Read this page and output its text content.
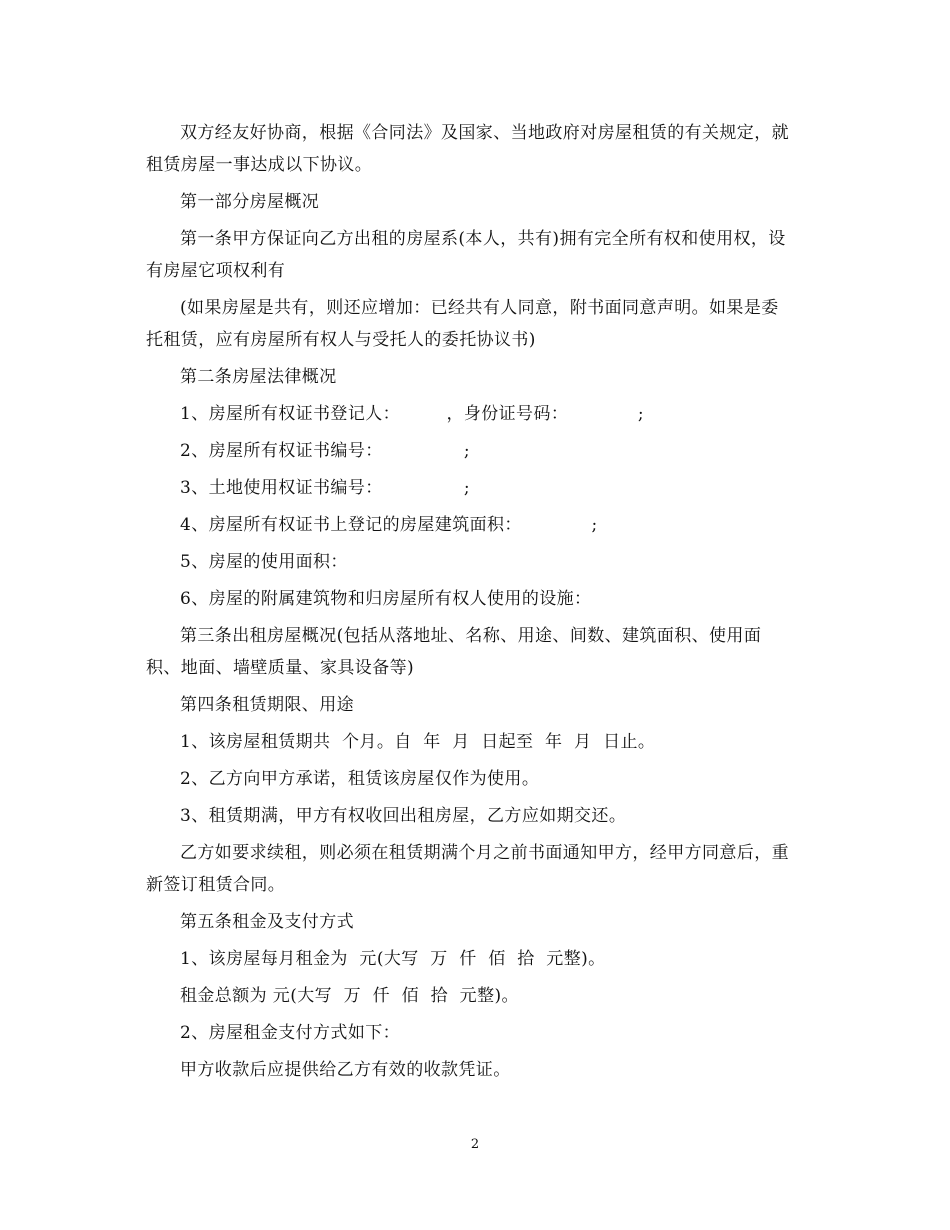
双方经友好协商，根据《合同法》及国家、当地政府对房屋租赁的有关规定，就租赁房屋一事达成以下协议。

第一部分房屋概况

第一条甲方保证向乙方出租的房屋系(本人，共有)拥有完全所有权和使用权，设有房屋它项权利有

(如果房屋是共有，则还应增加：已经共有人同意，附书面同意声明。如果是委托租赁，应有房屋所有权人与受托人的委托协议书)

第二条房屋法律概况

1、房屋所有权证书登记人：        ，身份证号码：            ;

2、房屋所有权证书编号：              ;

3、土地使用权证书编号：              ;

4、房屋所有权证书上登记的房屋建筑面积：            ;

5、房屋的使用面积：

6、房屋的附属建筑物和归房屋所有权人使用的设施：

第三条出租房屋概况(包括从落地址、名称、用途、间数、建筑面积、使用面积、地面、墙壁质量、家具设备等)

第四条租赁期限、用途

1、该房屋租赁期共  个月。自  年  月  日起至  年  月  日止。

2、乙方向甲方承诺，租赁该房屋仅作为使用。

3、租赁期满，甲方有权收回出租房屋，乙方应如期交还。

乙方如要求续租，则必须在租赁期满个月之前书面通知甲方，经甲方同意后，重新签订租赁合同。

第五条租金及支付方式

1、该房屋每月租金为  元(大写  万  仟  佰  拾  元整)。

租金总额为 元(大写  万  仟  佰  拾  元整)。

2、房屋租金支付方式如下：

甲方收款后应提供给乙方有效的收款凭证。

2
